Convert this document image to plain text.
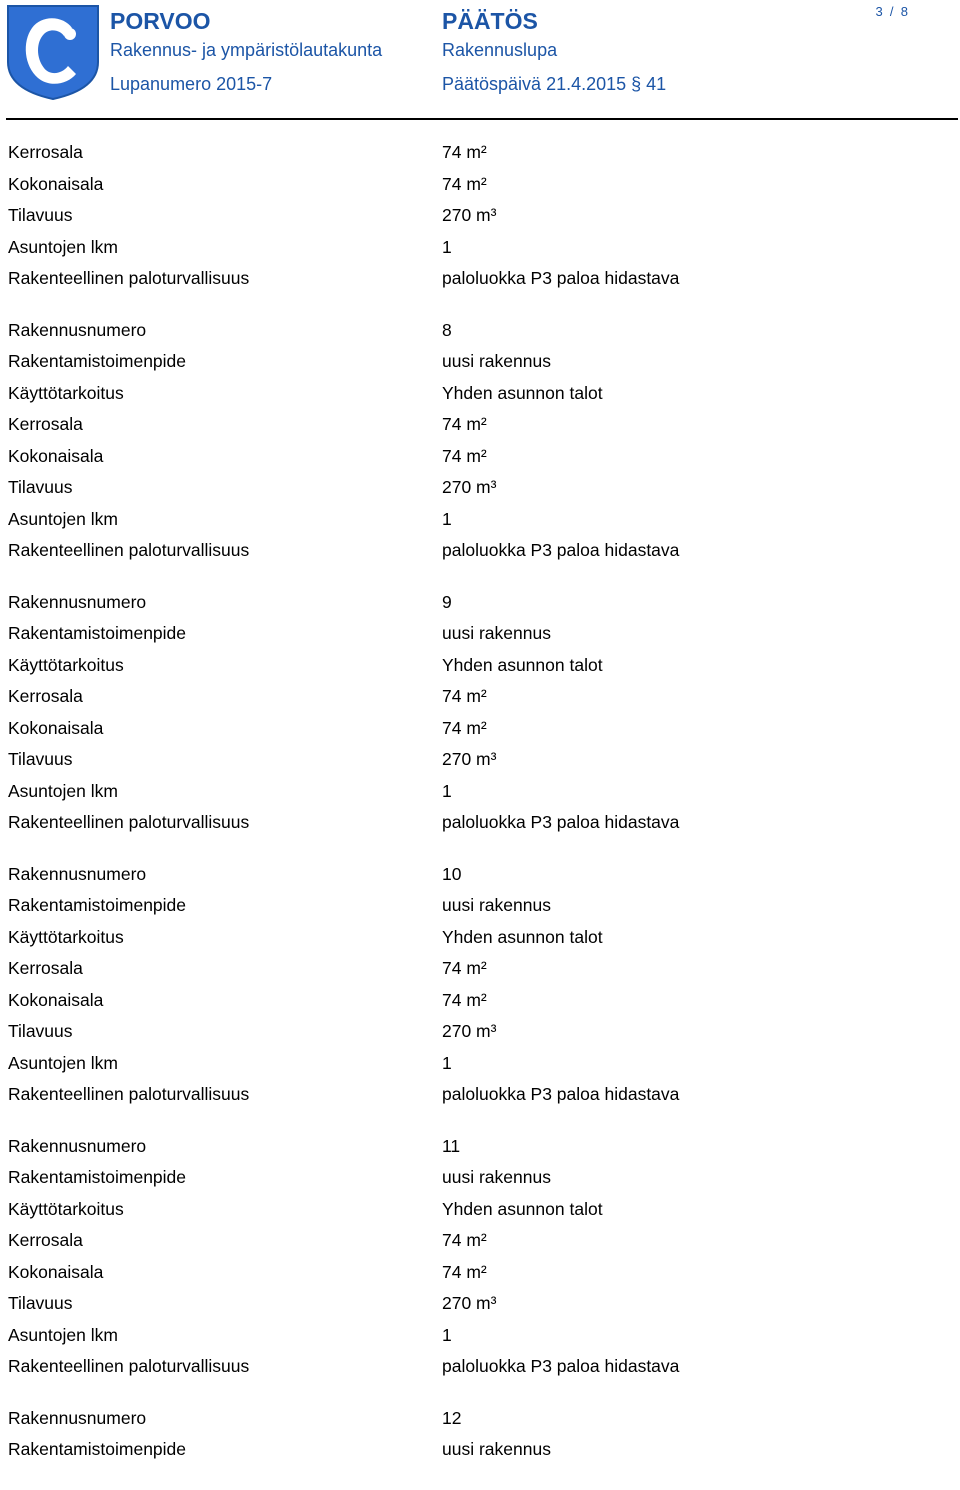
PORVOO
Rakennus- ja ympäristölautakunta
Lupanumero 2015-7
PÄÄTÖS
Rakennuslupa
Päätöspäivä 21.4.2015 § 41
3 / 8
Kerrosala	74 m²
Kokonaisala	74 m²
Tilavuus	270 m³
Asuntojen lkm	1
Rakenteellinen paloturvallisuus	paloluokka P3 paloa hidastava
Rakennusnumero	8
Rakentamistoimenpide	uusi rakennus
Käyttötarkoitus	Yhden asunnon talot
Kerrosala	74 m²
Kokonaisala	74 m²
Tilavuus	270 m³
Asuntojen lkm	1
Rakenteellinen paloturvallisuus	paloluokka P3 paloa hidastava
Rakennusnumero	9
Rakentamistoimenpide	uusi rakennus
Käyttötarkoitus	Yhden asunnon talot
Kerrosala	74 m²
Kokonaisala	74 m²
Tilavuus	270 m³
Asuntojen lkm	1
Rakenteellinen paloturvallisuus	paloluokka P3 paloa hidastava
Rakennusnumero	10
Rakentamistoimenpide	uusi rakennus
Käyttötarkoitus	Yhden asunnon talot
Kerrosala	74 m²
Kokonaisala	74 m²
Tilavuus	270 m³
Asuntojen lkm	1
Rakenteellinen paloturvallisuus	paloluokka P3 paloa hidastava
Rakennusnumero	11
Rakentamistoimenpide	uusi rakennus
Käyttötarkoitus	Yhden asunnon talot
Kerrosala	74 m²
Kokonaisala	74 m²
Tilavuus	270 m³
Asuntojen lkm	1
Rakenteellinen paloturvallisuus	paloluokka P3 paloa hidastava
Rakennusnumero	12
Rakentamistoimenpide	uusi rakennus
